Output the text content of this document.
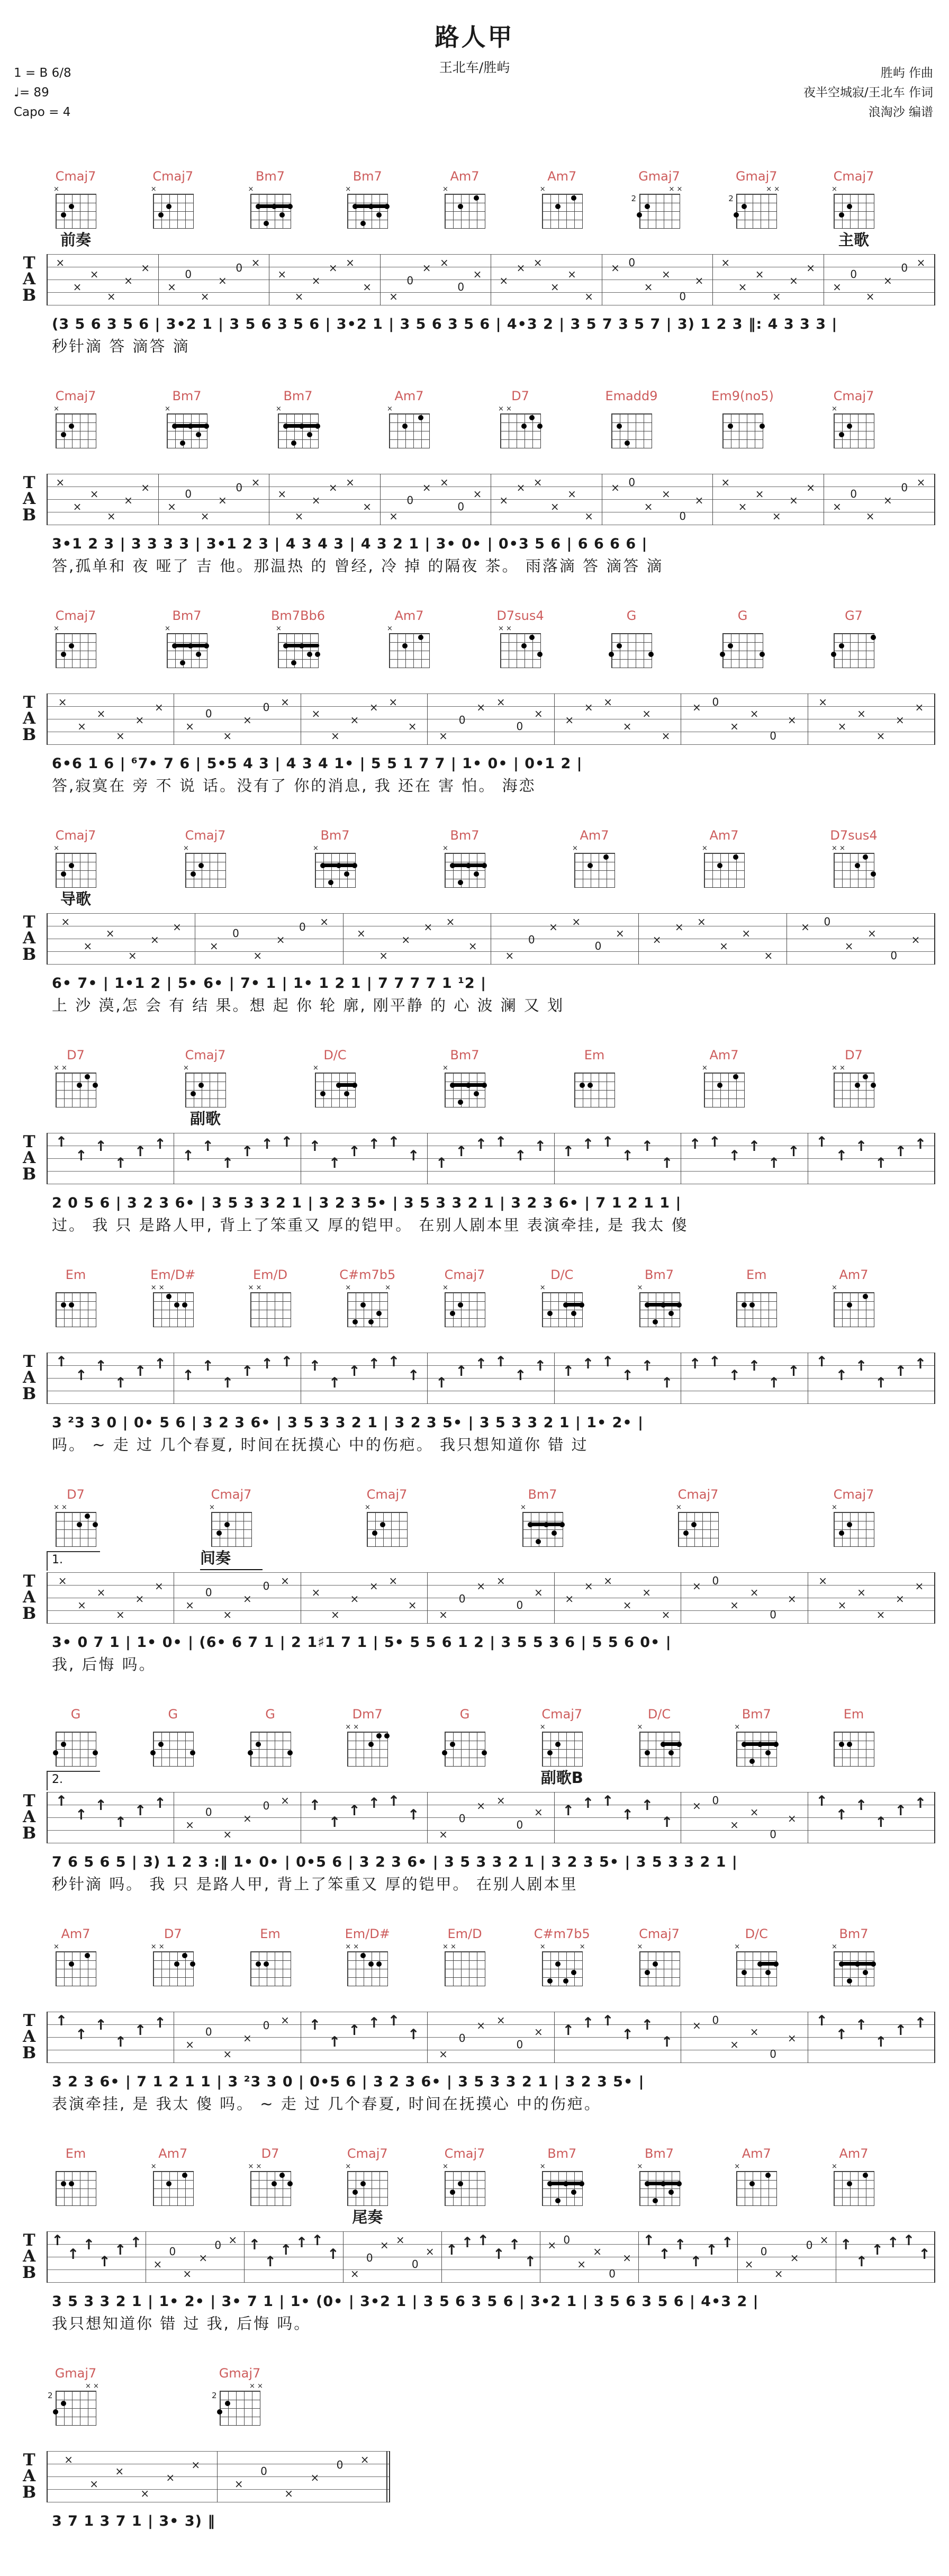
路人甲
王北车/胜屿
1 = B 6/8
♩= 89
Capo = 4
胜屿 作曲
夜半空城寂/王北车 作词
浪淘沙 编谱
Cmaj7
×
前奏
Cmaj7
×
Bm7
×
Bm7
×
Am7
×
Am7
×
Gmaj7
2
× ×
Gmaj7
2
× ×
Cmaj7
×
主歌
T
A
B
×
×
×
×
×
×
×
0
×
×
0 ×
×
×
×
× ×
×
×
0
× ×
0
× ×
× ×
×
×
×
× 0
×
×
0
×
×
×
×
×
×
×
×
0
×
×
0 ×
(3 5 6 3 5 6 | 3•2 1 | 3 5 6 3 5 6 | 3•2 1 | 3 5 6 3 5 6 | 4•3 2 | 3 5 7 3 5 7 | 3) 1 2 3 ‖: 4 3 3 3 |
秒针滴 答 滴答 滴
Cmaj7
×
Bm7
×
Bm7
×
Am7
×
D7
× ×
Emadd9	Em9(no5)	Cmaj7
×
T
A
B
×
×
×
×
×
×
×
0
×
×
0 ×
×
×
×
× ×
×
×
0
× ×
0
× ×
× ×
×
×
×
× 0
×
×
0
×
×
×
×
×
×
×
×
0
×
×
0 ×
3•1 2 3 | 3 3 3 3 | 3•1 2 3 | 4 3 4 3 | 4 3 2 1 | 3• 0• | 0•3 5 6 | 6 6 6 6 |
答,孤单和 夜 哑了 吉 他。那温热 的 曾经, 冷 掉 的隔夜 茶。 雨落滴 答 滴答 滴
Cmaj7
×
Bm7
×
Bm7Bb6
×
Am7
×
D7sus4
× ×
G	G	G7
T
A
B
×
×
×
×
×
×
×
0
×
×
0 ×
×
×
×
× ×
×
×
0
× ×
0
× ×
× ×
×
×
×
× 0
×
×
0
×
×
×
×
×
×
×
6•6 1 6 | ⁶7• 7 6 | 5•5 4 3 | 4 3 4 1• | 5 5 1 7 7 | 1• 0• | 0•1 2 |
答,寂寞在 旁 不 说 话。没有了 你的消息, 我 还在 害 怕。 海恋
Cmaj7
×
导歌
Cmaj7
×
Bm7
×
Bm7
×
Am7
×
Am7
×
D7sus4
× ×
T
A
B
×
×
×
×
×
×
×
0
×
×
0 ×
×
×
×
× ×
×
×
0
× ×
0
×	×
× ×
×
×
×
× 0
×
×
0
×
6• 7• | 1•1 2 | 5• 6• | 7• 1 | 1• 1 2 1 | 7 7 7 7 1 ¹2 |
上 沙 漠,怎 会 有 结 果。想 起 你 轮 廓, 刚平静 的 心 波 澜 又 划
D7
× ×
Cmaj7
×
副歌
D/C
×
Bm7
×
Em	Am7
×
D7
× ×
T
A
B
↑
↑
↑
↑
↑ ↑
↑
↑
↑
↑ ↑ ↑ ↑
↑
↑ ↑ ↑
↑ ↑
↑ ↑ ↑
↑
↑ ↑ ↑ ↑
↑
↑
↑
↑ ↑
↑
↑
↑
↑
↑
↑
↑
↑
↑ ↑
2 0 5 6 | 3 2 3 6• | 3 5 3 3 2 1 | 3 2 3 5• | 3 5 3 3 2 1 | 3 2 3 6• | 7 1 2 1 1 |
过。 我 只 是路人甲, 背上了笨重又 厚的铠甲。 在别人剧本里 表演牵挂, 是 我太 傻
Em	Em/D#
× ×
Em/D
× ×
C#m7b5
×	×
Cmaj7
×
D/C
×
Bm7
×
Em	Am7
×
T
A
B
↑
↑
↑
↑
↑ ↑
↑
↑
↑
↑ ↑ ↑ ↑
↑
↑ ↑ ↑
↑ ↑
↑ ↑ ↑
↑
↑ ↑ ↑ ↑
↑
↑
↑
↑ ↑
↑
↑
↑
↑
↑
↑
↑
↑
↑ ↑
3 ²3 3 0 | 0• 5 6 | 3 2 3 6• | 3 5 3 3 2 1 | 3 2 3 5• | 3 5 3 3 2 1 | 1• 2• |
吗。 ~ 走 过 几个春夏, 时间在抚摸心 中的伤疤。 我只想知道你 错 过
D7
× ×
Cmaj7
×
间奏
Cmaj7
×
Bm7
×
Cmaj7
×
Cmaj7
×
1.
T
A
B
×
×
×
×
×
×
×
0
×
×
0 ×
×
×
×
× ×
×
×
0
× ×
0
× ×
× ×
×
×
×
× 0
×
×
0
×
×
×
×
×
×
×
3• 0 7 1 | 1• 0• | (6• 6 7 1 | 2 1♯1 7 1 | 5• 5 5 6 1 2 | 3 5 5 3 6 | 5 5 6 0• |
我, 后悔 吗。
G	G	G	Dm7
× ×
G	Cmaj7
×
副歌B
D/C
×
Bm7
×
Em
2.
T
A
B
↑
↑
↑
↑
↑ ↑
×
0
×
×
0 × ↑
↑
↑ ↑ ↑
↑
×
0
× ×
0
× ↑ ↑ ↑
↑
↑
↑
× 0
×
×
0
×
↑
↑
↑
↑
↑ ↑
7 6 5 6 5 | 3) 1 2 3 :‖ 1• 0• | 0•5 6 | 3 2 3 6• | 3 5 3 3 2 1 | 3 2 3 5• | 3 5 3 3 2 1 |
秒针滴 吗。 我 只 是路人甲, 背上了笨重又 厚的铠甲。 在别人剧本里
Am7
×
D7
× ×
Em	Em/D#
× ×
Em/D
× ×
C#m7b5
×	×
Cmaj7
×
D/C
×
Bm7
×
T
A
B
↑
↑
↑
↑
↑ ↑
×
0
×
×
0 × ↑
↑
↑ ↑ ↑
↑
×
0
× ×
0
× ↑ ↑ ↑
↑
↑
↑
× 0
×
×
0
×
↑
↑
↑
↑
↑ ↑
3 2 3 6• | 7 1 2 1 1 | 3 ²3 3 0 | 0•5 6 | 3 2 3 6• | 3 5 3 3 2 1 | 3 2 3 5• |
表演牵挂, 是 我太 傻 吗。 ~ 走 过 几个春夏, 时间在抚摸心 中的伤疤。
Em	Am7
×
D7
× ×
Cmaj7
×
尾奏
Cmaj7
×
Bm7
×
Bm7
×
Am7
×
Am7
×
T
A
B
↑
↑
↑
↑
↑ ↑
×
0
×
×
0 × ↑
↑
↑ ↑ ↑
↑
×
0
× ×
0
× ↑ ↑ ↑
↑
↑
↑
× 0
×
×
0
×
↑
↑
↑
↑
↑ ↑
×
0
×
×
0 × ↑
↑
↑ ↑ ↑
↑
3 5 3 3 2 1 | 1• 2• | 3• 7 1 | 1• (0• | 3•2 1 | 3 5 6 3 5 6 | 3•2 1 | 3 5 6 3 5 6 | 4•3 2 |
我只想知道你 错 过 我, 后悔 吗。
Gmaj7
2
× ×
Gmaj7
2
× ×
T
A
B
×
×
×
×
×
×
×
0
×
×
0 ×
3 7 1 3 7 1 | 3• 3) ‖
